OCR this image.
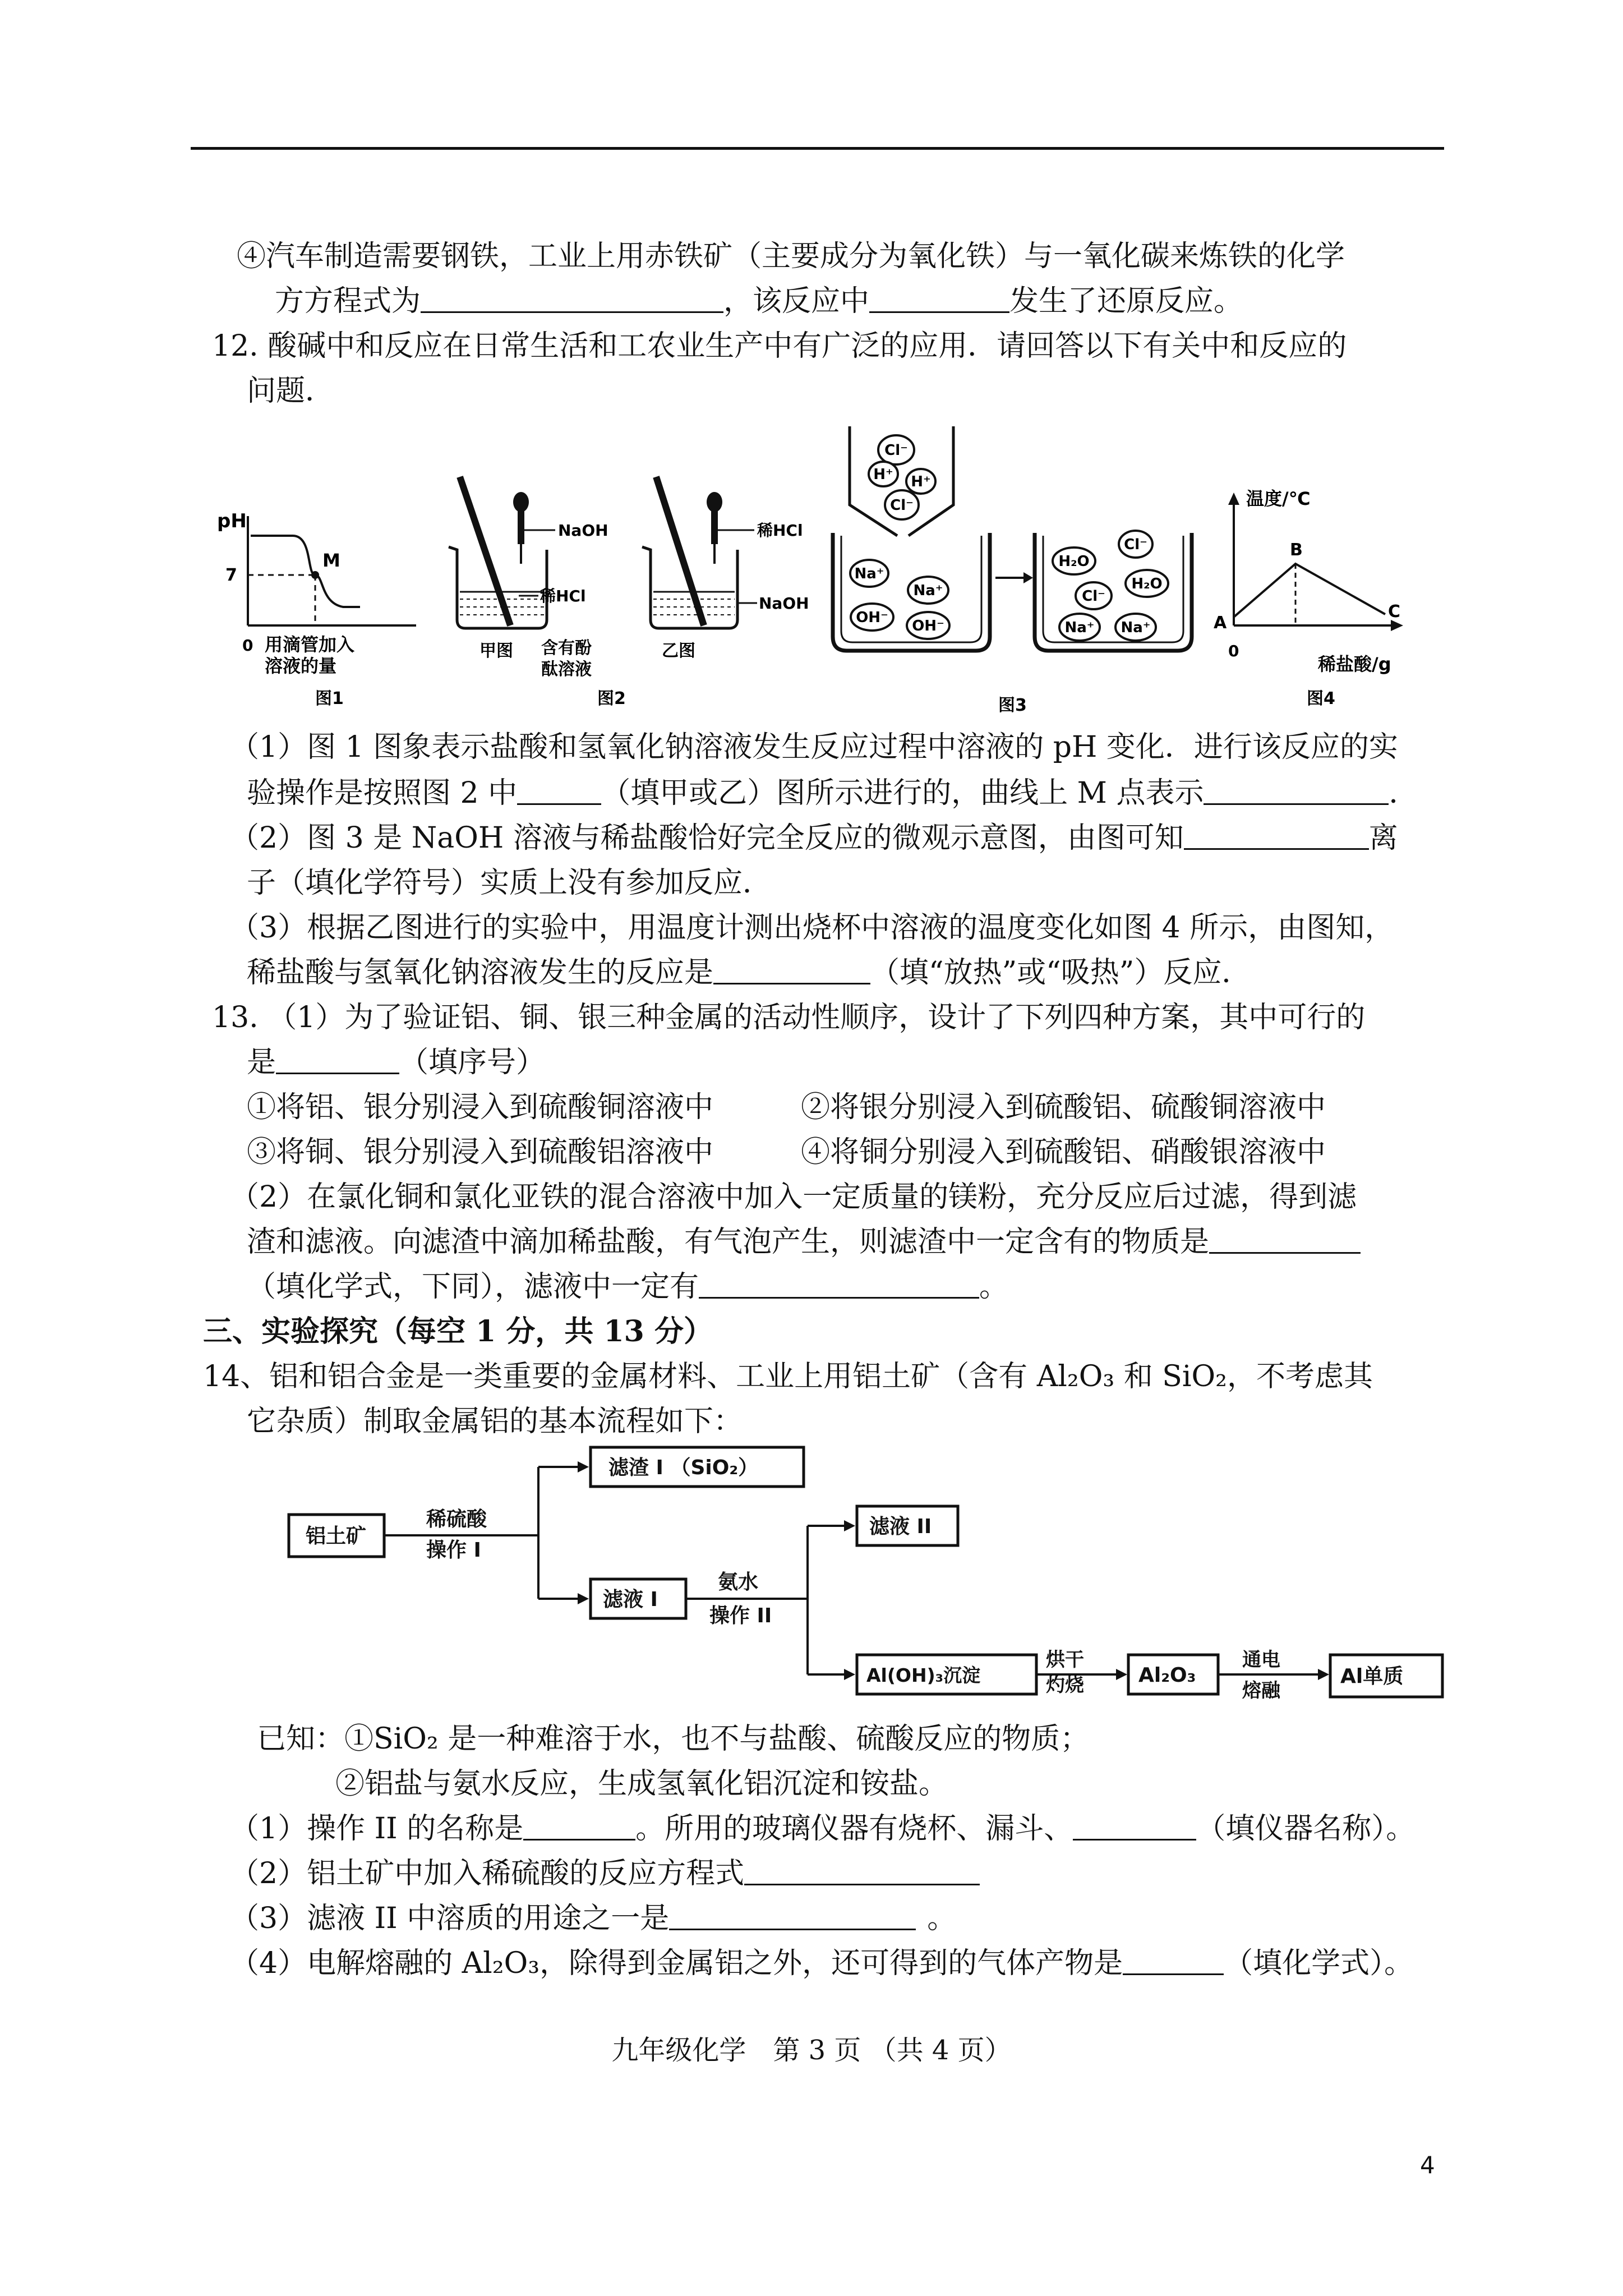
④汽车制造需要钢铁，工业上用赤铁矿（主要成分为氧化铁）与一氧化碳来炼铁的化学
方方程式为	，该反应中	发生了还原反应。
12. 酸碱中和反应在日常生活和工农业生产中有广泛的应用．请回答以下有关中和反应的
问题．
pH
7
M
0 用滴管加入
溶液的量
图1
NaOH
稀HCl
甲图 含有酚
酞溶液
稀HCl
NaOH
乙图
图2
Cl⁻
H⁺ H⁺
Cl⁻
Na⁺
Na⁺
OH⁻ OH⁻
Cl⁻
H₂O
H₂O
Cl⁻
Na⁺ Na⁺
图3
温度/℃
A
B
C
0
稀盐酸/g
图4
（1）图 1 图象表示盐酸和氢氧化钠溶液发生反应过程中溶液的 pH 变化．进行该反应的实
验操作是按照图 2 中	（填甲或乙）图所示进行的，曲线上 M 点表示	．
（2）图 3 是 NaOH 溶液与稀盐酸恰好完全反应的微观示意图，由图可知	离
子（填化学符号）实质上没有参加反应．
（3）根据乙图进行的实验中，用温度计测出烧杯中溶液的温度变化如图 4 所示，由图知，
稀盐酸与氢氧化钠溶液发生的反应是	（填“放热”或“吸热”）反应．
13. （1）为了验证铝、铜、银三种金属的活动性顺序，设计了下列四种方案，其中可行的
是	（填序号）
①将铝、银分别浸入到硫酸铜溶液中	②将银分别浸入到硫酸铝、硫酸铜溶液中
③将铜、银分别浸入到硫酸铝溶液中	④将铜分别浸入到硫酸铝、硝酸银溶液中
（2）在氯化铜和氯化亚铁的混合溶液中加入一定质量的镁粉，充分反应后过滤，得到滤
渣和滤液。向滤渣中滴加稀盐酸，有气泡产生，则滤渣中一定含有的物质是
（填化学式，下同），滤液中一定有	。
三、实验探究（每空 1 分，共 13 分）
14、铝和铝合金是一类重要的金属材料、工业上用铝土矿（含有 Al₂O₃ 和 SiO₂，不考虑其
它杂质）制取金属铝的基本流程如下：
铝土矿
稀硫酸
操作 I
滤渣 I （SiO₂）
滤液 I
氨水
操作 II
滤液 II
Al(OH)₃沉淀
烘干
灼烧	Al₂O₃
通电
熔融
Al单质
已知：①SiO₂ 是一种难溶于水，也不与盐酸、硫酸反应的物质；
②铝盐与氨水反应，生成氢氧化铝沉淀和铵盐。
（1）操作 II 的名称是	。所用的玻璃仪器有烧杯、漏斗、	（填仪器名称）。
（2）铝土矿中加入稀硫酸的反应方程式
（3）滤液 II 中溶质的用途之一是	。
（4）电解熔融的 Al₂O₃，除得到金属铝之外，还可得到的气体产物是	（填化学式）。
九年级化学　第 3 页 （共 4 页）
4
